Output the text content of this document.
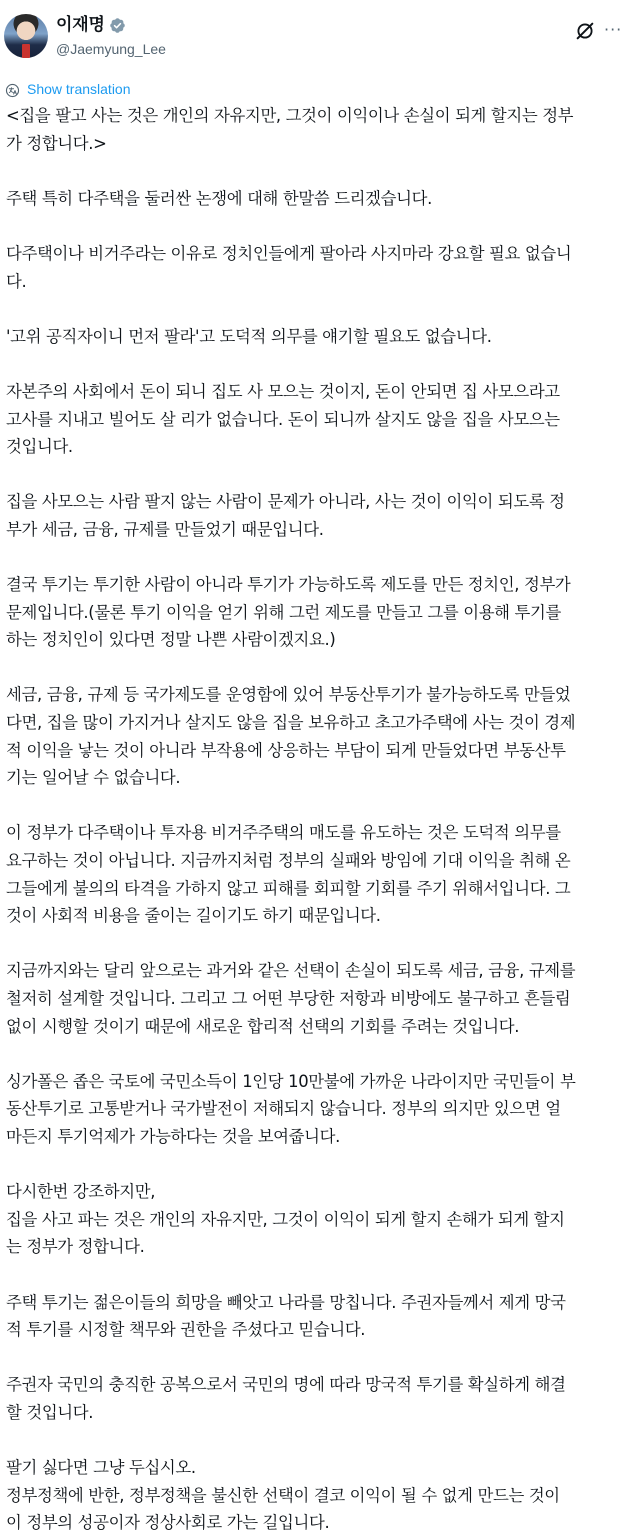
이재명
@Jaemyung_Lee
···
Show translation
<집을 팔고 사는 것은 개인의 자유지만, 그것이 이익이나 손실이 되게 할지는 정부
가 정합니다.>
주택 특히 다주택을 둘러싼 논쟁에 대해 한말씀 드리겠습니다.
다주택이나 비거주라는 이유로 정치인들에게 팔아라 사지마라 강요할 필요 없습니
다.
'고위 공직자이니 먼저 팔라'고 도덕적 의무를 얘기할 필요도 없습니다.
자본주의 사회에서 돈이 되니 집도 사 모으는 것이지, 돈이 안되면 집 사모으라고
고사를 지내고 빌어도 살 리가 없습니다. 돈이 되니까 살지도 않을 집을 사모으는
것입니다.
집을 사모으는 사람 팔지 않는 사람이 문제가 아니라, 사는 것이 이익이 되도록 정
부가 세금, 금융, 규제를 만들었기 때문입니다.
결국 투기는 투기한 사람이 아니라 투기가 가능하도록 제도를 만든 정치인, 정부가
문제입니다.(물론 투기 이익을 얻기 위해 그런 제도를 만들고 그를 이용해 투기를
하는 정치인이 있다면 정말 나쁜 사람이겠지요.)
세금, 금융, 규제 등 국가제도를 운영함에 있어 부동산투기가 불가능하도록 만들었
다면, 집을 많이 가지거나 살지도 않을 집을 보유하고 초고가주택에 사는 것이 경제
적 이익을 낳는 것이 아니라 부작용에 상응하는 부담이 되게 만들었다면 부동산투
기는 일어날 수 없습니다.
이 정부가 다주택이나 투자용 비거주주택의 매도를 유도하는 것은 도덕적 의무를
요구하는 것이 아닙니다. 지금까지처럼 정부의 실패와 방임에 기대 이익을 취해 온
그들에게 불의의 타격을 가하지 않고 피해를 회피할 기회를 주기 위해서입니다. 그
것이 사회적 비용을 줄이는 길이기도 하기 때문입니다.
지금까지와는 달리 앞으로는 과거와 같은 선택이 손실이 되도록 세금, 금융, 규제를
철저히 설계할 것입니다. 그리고 그 어떤 부당한 저항과 비방에도 불구하고 흔들림
없이 시행할 것이기 때문에 새로운 합리적 선택의 기회를 주려는 것입니다.
싱가폴은 좁은 국토에 국민소득이 1인당 10만불에 가까운 나라이지만 국민들이 부
동산투기로 고통받거나 국가발전이 저해되지 않습니다. 정부의 의지만 있으면 얼
마든지 투기억제가 가능하다는 것을 보여줍니다.
다시한번 강조하지만,
집을 사고 파는 것은 개인의 자유지만, 그것이 이익이 되게 할지 손해가 되게 할지
는 정부가 정합니다.
주택 투기는 젊은이들의 희망을 빼앗고 나라를 망칩니다. 주권자들께서 제게 망국
적 투기를 시정할 책무와 권한을 주셨다고 믿습니다.
주권자 국민의 충직한 공복으로서 국민의 명에 따라 망국적 투기를 확실하게 해결
할 것입니다.
팔기 싫다면 그냥 두십시오.
정부정책에 반한, 정부정책을 불신한 선택이 결코 이익이 될 수 없게 만드는 것이
이 정부의 성공이자 정상사회로 가는 길입니다.
